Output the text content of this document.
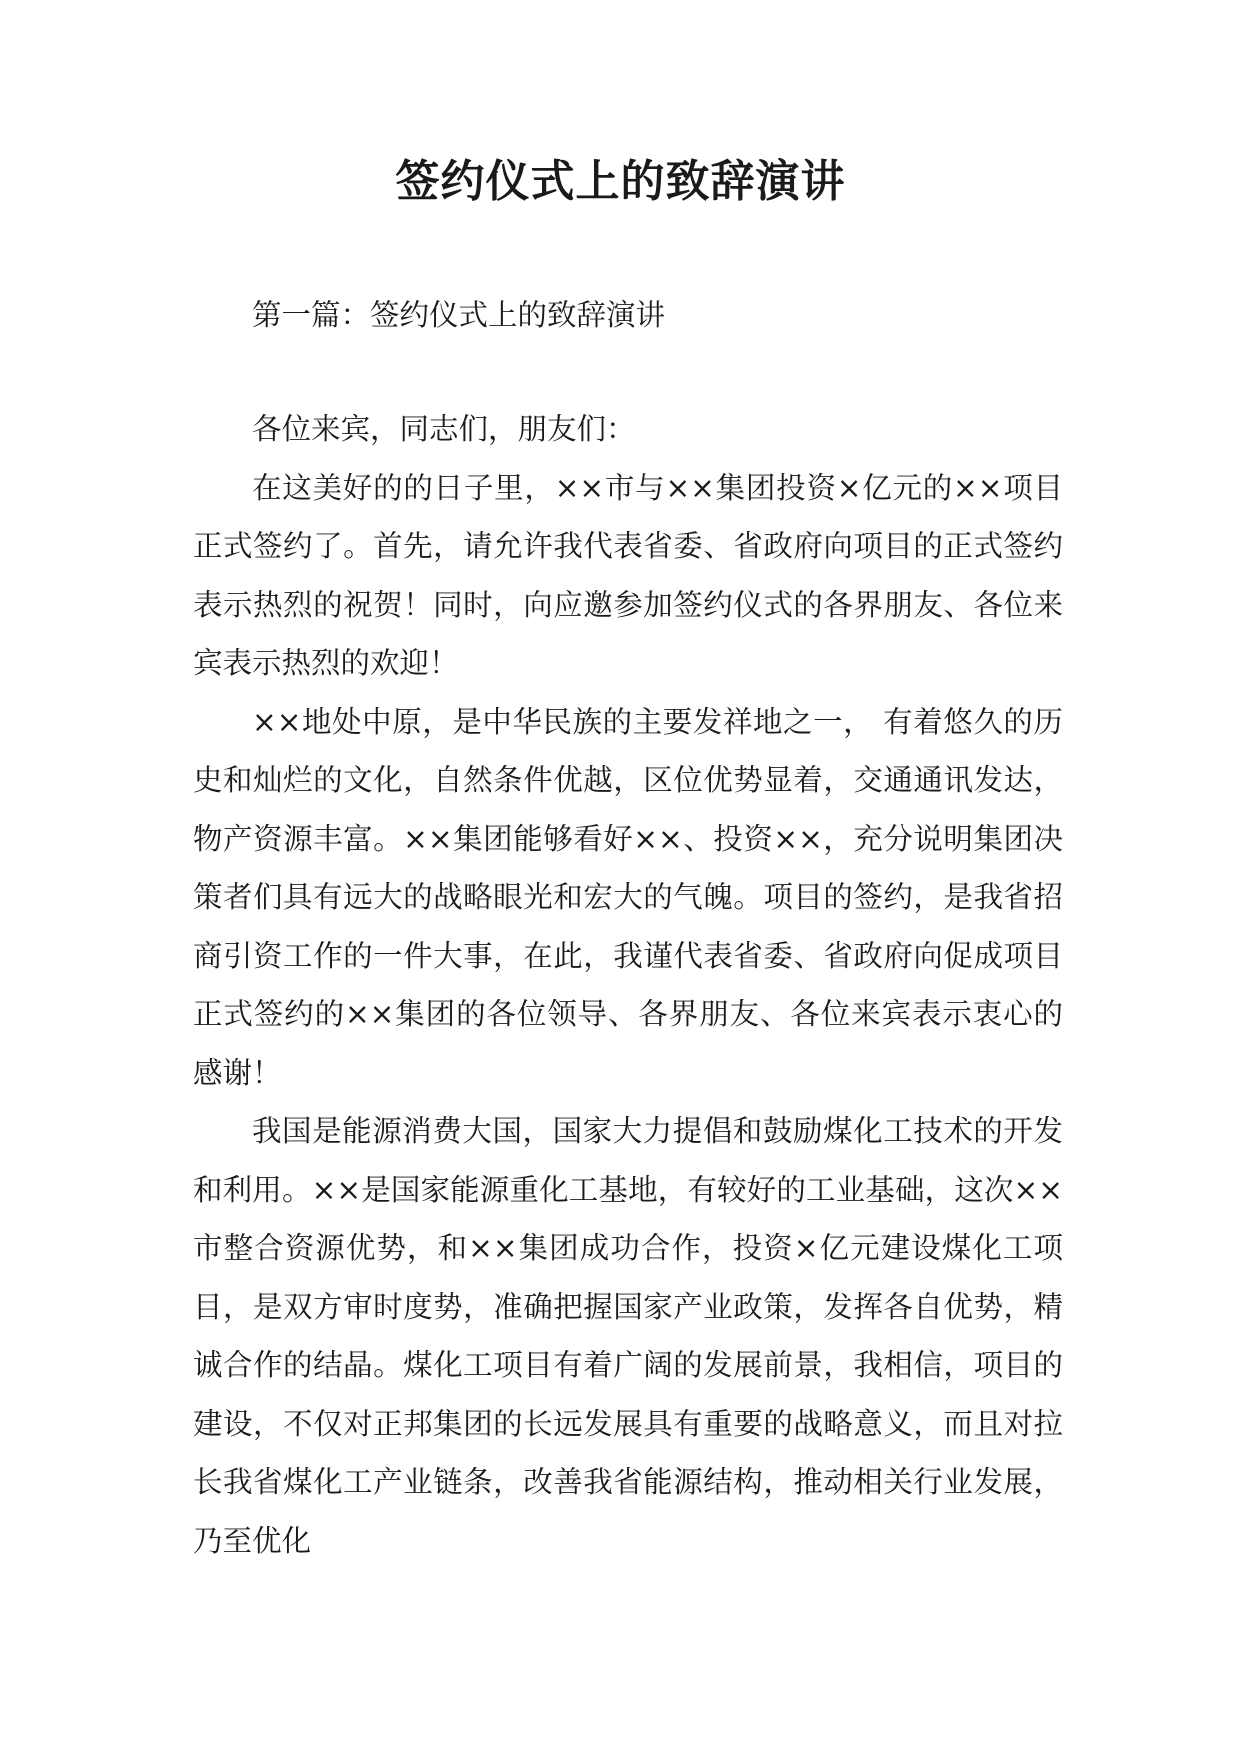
签约仪式上的致辞演讲
第一篇：签约仪式上的致辞演讲

各位来宾，同志们，朋友们：

在这美好的的日子里，××市与××集团投资×亿元的××项目正式签约了。首先，请允许我代表省委、省政府向项目的正式签约表示热烈的祝贺！同时，向应邀参加签约仪式的各界朋友、各位来宾表示热烈的欢迎！

××地处中原，是中华民族的主要发祥地之一， 有着悠久的历史和灿烂的文化，自然条件优越，区位优势显着，交通通讯发达，物产资源丰富。××集团能够看好××、投资××，充分说明集团决策者们具有远大的战略眼光和宏大的气魄。项目的签约，是我省招商引资工作的一件大事，在此，我谨代表省委、省政府向促成项目正式签约的××集团的各位领导、各界朋友、各位来宾表示衷心的感谢！

我国是能源消费大国，国家大力提倡和鼓励煤化工技术的开发和利用。××是国家能源重化工基地，有较好的工业基础，这次××市整合资源优势，和××集团成功合作，投资×亿元建设煤化工项目，是双方审时度势，准确把握国家产业政策，发挥各自优势，精诚合作的结晶。煤化工项目有着广阔的发展前景，我相信，项目的建设，不仅对正邦集团的长远发展具有重要的战略意义，而且对拉长我省煤化工产业链条，改善我省能源结构，推动相关行业发展，乃至优化
